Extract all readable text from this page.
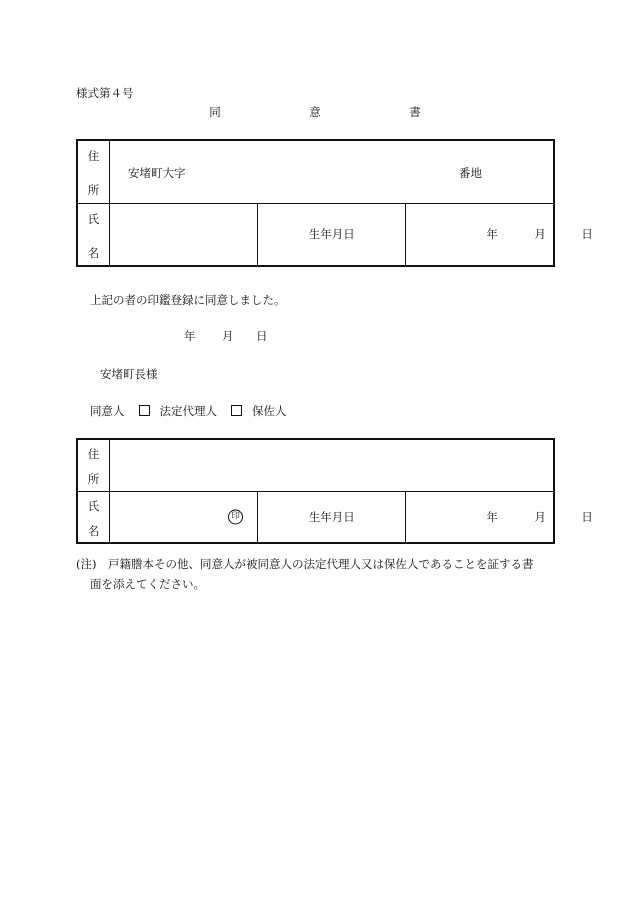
様式第４号
同	意	書
住
所	安堵町大字 番地		

氏
名		生年月日	年 月 日
上記の者の印鑑登録に同意しました。
年 月 日
安堵町長様
同意人	法定代理人	保佐人
住
所			

氏
名	印	生年月日	年 月 日
(注)　戸籍謄本その他、同意人が被同意人の法定代理人又は保佐人であることを証する書
面を添えてください。
